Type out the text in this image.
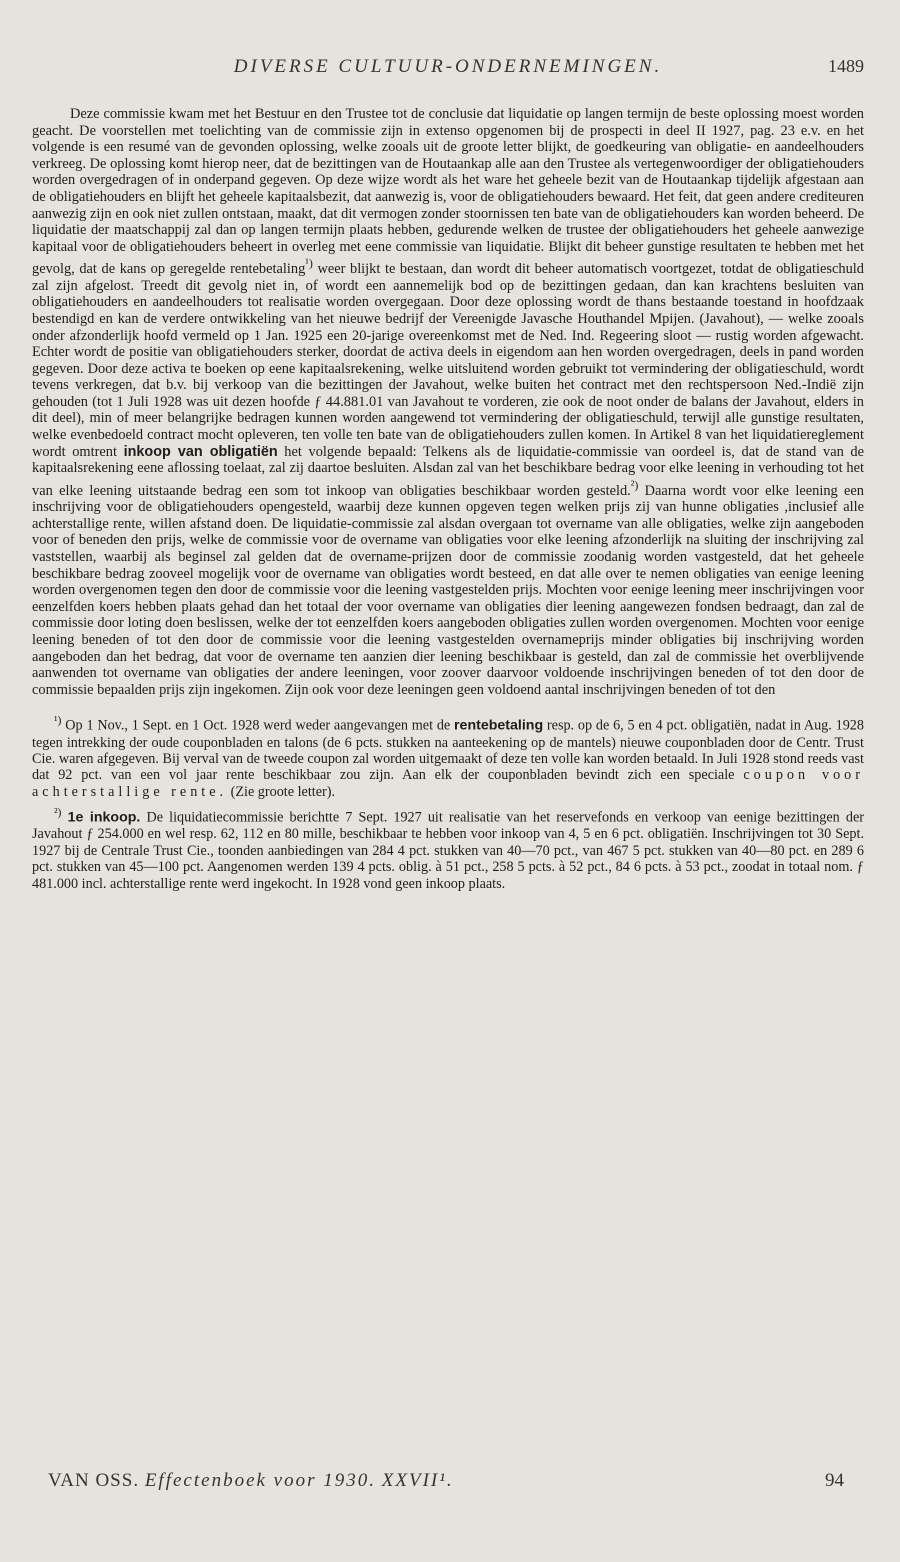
DIVERSE CULTUUR-ONDERNEMINGEN.	1489

Deze commissie kwam met het Bestuur en den Trustee tot de conclusie dat liquidatie op langen termijn de beste oplossing moest worden geacht. De voorstellen met toelichting van de commissie zijn in extenso opgenomen bij de prospecti in deel II 1927, pag. 23 e.v. en het volgende is een resumé van de gevonden oplossing, welke zooals uit de groote letter blijkt, de goedkeuring van obligatie- en aandeelhouders verkreeg. De oplossing komt hierop neer, dat de bezittingen van de Houtaankap alle aan den Trustee als vertegenwoordiger der obligatiehouders worden overgedragen of in onderpand gegeven. Op deze wijze wordt als het ware het geheele bezit van de Houtaankap tijdelijk afgestaan aan de obligatiehouders en blijft het geheele kapitaalsbezit, dat aanwezig is, voor de obligatiehouders bewaard. Het feit, dat geen andere crediteuren aanwezig zijn en ook niet zullen ontstaan, maakt, dat dit vermogen zonder stoornissen ten bate van de obligatiehouders kan worden beheerd. De liquidatie der maatschappij zal dan op langen termijn plaats hebben, gedurende welken de trustee der obligatiehouders het geheele aanwezige kapitaal voor de obligatiehouders beheert in overleg met eene commissie van liquidatie. Blijkt dit beheer gunstige resultaten te hebben met het gevolg, dat de kans op geregelde rentebetaling$^{^1)}$ weer blijkt te bestaan, dan wordt dit beheer automatisch voortgezet, totdat de obligatieschuld zal zijn afgelost. Treedt dit gevolg niet in, of wordt een aannemelijk bod op de bezittingen gedaan, dan kan krachtens besluiten van obligatiehouders en aandeelhouders tot realisatie worden overgegaan. Door deze oplossing wordt de thans bestaande toestand in hoofdzaak bestendigd en kan de verdere ontwikkeling van het nieuwe bedrijf der Vereenigde Javasche Houthandel Mpijen. (Javahout), — welke zooals onder afzonderlijk hoofd vermeld op 1 Jan. 1925 een 20-jarige overeenkomst met de Ned. Ind. Regeering sloot — rustig worden afgewacht. Echter wordt de positie van obligatiehouders sterker, doordat de activa deels in eigendom aan hen worden overgedragen, deels in pand worden gegeven. Door deze activa te boeken op eene kapitaalsrekening, welke uitsluitend worden gebruikt tot vermindering der obligatieschuld, wordt tevens verkregen, dat b.v. bij verkoop van die bezittingen der Javahout, welke buiten het contract met den rechtspersoon Ned.-Indië zijn gehouden (tot 1 Juli 1928 was uit dezen hoofde ƒ 44.881.01 van Javahout te vorderen, zie ook de noot onder de balans der Javahout, elders in dit deel), min of meer belangrijke bedragen kunnen worden aangewend tot vermindering der obligatieschuld, terwijl alle gunstige resultaten, welke evenbedoeld contract mocht opleveren, ten volle ten bate van de obligatiehouders zullen komen. In Artikel 8 van het liquidatiereglement wordt omtrent inkoop van obligatiën het volgende bepaald: Telkens als de liquidatie-commissie van oordeel is, dat de stand van de kapitaalsrekening eene aflossing toelaat, zal zij daartoe besluiten. Alsdan zal van het beschikbare bedrag voor elke leening in verhouding tot het van elke leening uitstaande bedrag een som tot inkoop van obligaties beschikbaar worden gesteld.$^{^2)}$ Daarna wordt voor elke leening een inschrijving voor de obligatiehouders opengesteld, waarbij deze kunnen opgeven tegen welken prijs zij van hunne obligaties ,inclusief alle achterstallige rente, willen afstand doen. De liquidatie-commissie zal alsdan overgaan tot overname van alle obligaties, welke zijn aangeboden voor of beneden den prijs, welke de commissie voor de overname van obligaties voor elke leening afzonderlijk na sluiting der inschrijving zal vaststellen, waarbij als beginsel zal gelden dat de overname-prijzen door de commissie zoodanig worden vastgesteld, dat het geheele beschikbare bedrag zooveel mogelijk voor de overname van obligaties wordt besteed, en dat alle over te nemen obligaties van eenige leening worden overgenomen tegen den door de commissie voor die leening vastgestelden prijs. Mochten voor eenige leening meer inschrijvingen voor eenzelfden koers hebben plaats gehad dan het totaal der voor overname van obligaties dier leening aangewezen fondsen bedraagt, dan zal de commissie door loting doen beslissen, welke der tot eenzelfden koers aangeboden obligaties zullen worden overgenomen. Mochten voor eenige leening beneden of tot den door de commissie voor die leening vastgestelden overnameprijs minder obligaties bij inschrijving worden aangeboden dan het bedrag, dat voor de overname ten aanzien dier leening beschikbaar is gesteld, dan zal de commissie het overblijvende aanwenden tot overname van obligaties der andere leeningen, voor zoover daarvoor voldoende inschrijvingen beneden of tot den door de commissie bepaalden prijs zijn ingekomen. Zijn ook voor deze leeningen geen voldoend aantal inschrijvingen beneden of tot den

$^{^1)}$ Op 1 Nov., 1 Sept. en 1 Oct. 1928 werd weder aangevangen met de rentebetaling resp. op de 6, 5 en 4 pct. obligatiën, nadat in Aug. 1928 tegen intrekking der oude couponbladen en talons (de 6 pcts. stukken na aanteekening op de mantels) nieuwe couponbladen door de Centr. Trust Cie. waren afgegeven. Bij verval van de tweede coupon zal worden uitgemaakt of deze ten volle kan worden betaald. In Juli 1928 stond reeds vast dat 92 pct. van een vol jaar rente beschikbaar zou zijn. Aan elk der couponbladen bevindt zich een speciale coupon voor achterstallige rente. (Zie groote letter).

$^{^2)}$ 1e inkoop. De liquidatiecommissie berichtte 7 Sept. 1927 uit realisatie van het reservefonds en verkoop van eenige bezittingen der Javahout ƒ 254.000 en wel resp. 62, 112 en 80 mille, beschikbaar te hebben voor inkoop van 4, 5 en 6 pct. obligatiën. Inschrijvingen tot 30 Sept. 1927 bij de Centrale Trust Cie., toonden aanbiedingen van 284 4 pct. stukken van 40—70 pct., van 467 5 pct. stukken van 40—80 pct. en 289 6 pct. stukken van 45—100 pct. Aangenomen werden 139 4 pcts. oblig. à 51 pct., 258 5 pcts. à 52 pct., 84 6 pcts. à 53 pct., zoodat in totaal nom. ƒ 481.000 incl. achterstallige rente werd ingekocht. In 1928 vond geen inkoop plaats.

VAN OSS. Effectenboek voor 1930. XXVII¹.	94
